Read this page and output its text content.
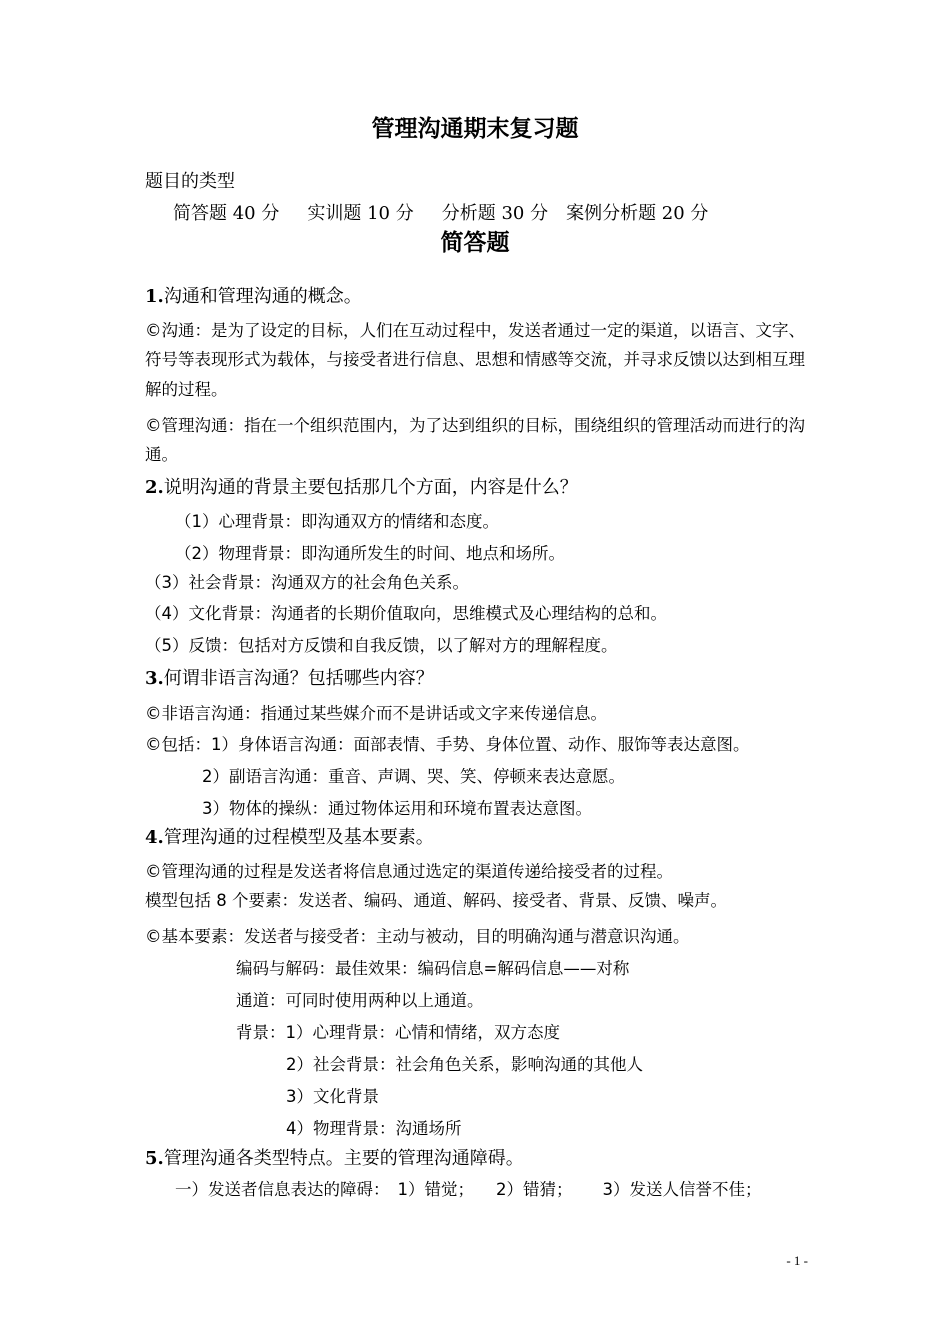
管理沟通期末复习题
题目的类型
简答题 40 分 实训题 10 分 分析题 30 分 案例分析题 20 分
简答题
1.沟通和管理沟通的概念。
©沟通：是为了设定的目标，人们在互动过程中，发送者通过一定的渠道，以语言、文字、
符号等表现形式为载体，与接受者进行信息、思想和情感等交流，并寻求反馈以达到相互理
解的过程。
©管理沟通：指在一个组织范围内，为了达到组织的目标，围绕组织的管理活动而进行的沟
通。
2.说明沟通的背景主要包括那几个方面，内容是什么？
（1）心理背景：即沟通双方的情绪和态度。
（2）物理背景：即沟通所发生的时间、地点和场所。
（3）社会背景：沟通双方的社会角色关系。
（4）文化背景：沟通者的长期价值取向，思维模式及心理结构的总和。
（5）反馈：包括对方反馈和自我反馈，以了解对方的理解程度。
3.何谓非语言沟通？包括哪些内容？
©非语言沟通：指通过某些媒介而不是讲话或文字来传递信息。
©包括：1）身体语言沟通：面部表情、手势、身体位置、动作、服饰等表达意图。
2）副语言沟通：重音、声调、哭、笑、停顿来表达意愿。
3）物体的操纵：通过物体运用和环境布置表达意图。
4.管理沟通的过程模型及基本要素。
©管理沟通的过程是发送者将信息通过选定的渠道传递给接受者的过程。
模型包括 8 个要素：发送者、编码、通道、解码、接受者、背景、反馈、噪声。
©基本要素：发送者与接受者：主动与被动，目的明确沟通与潜意识沟通。
编码与解码：最佳效果：编码信息=解码信息——对称
通道：可同时使用两种以上通道。
背景：1）心理背景：心情和情绪，双方态度
2）社会背景：社会角色关系，影响沟通的其他人
3）文化背景
4）物理背景：沟通场所
5.管理沟通各类型特点。主要的管理沟通障碍。
一）发送者信息表达的障碍： 1）错觉； 2）错猜； 3）发送人信誉不佳；
- 1 -
